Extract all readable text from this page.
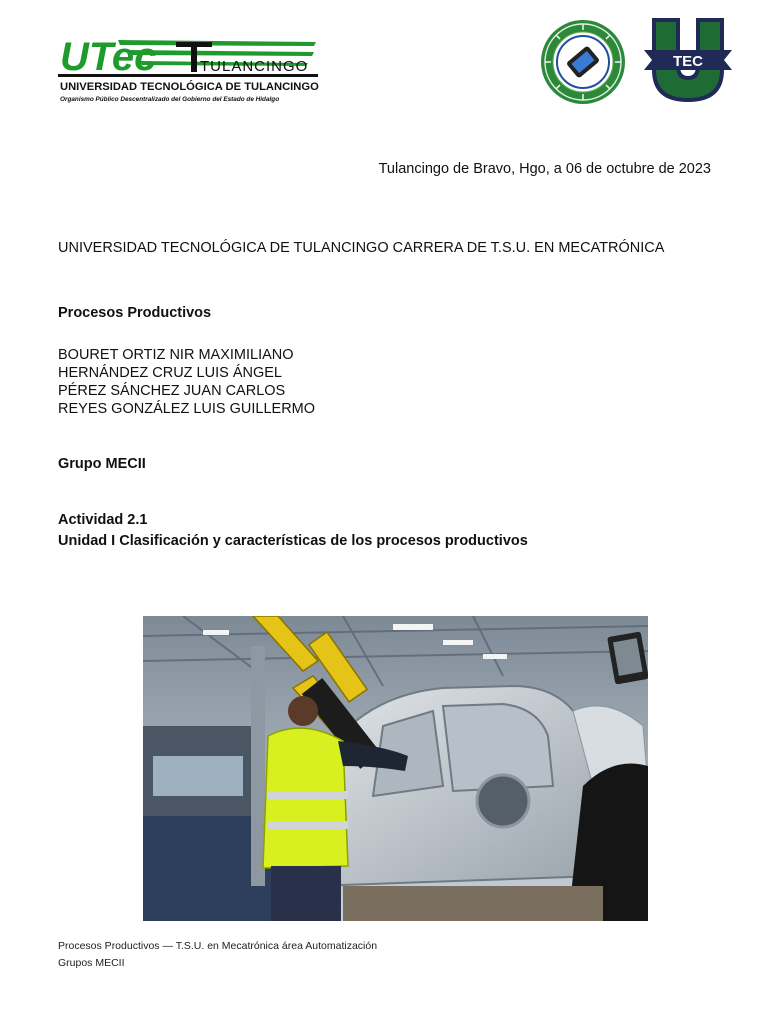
UTec	TULANCINGO
UNIVERSIDAD TECNOLÓGICA DE TULANCINGO
Organismo Público Descentralizado del Gobierno del Estado de Hidalgo
TEC
Tulancingo de Bravo, Hgo, a 06 de octubre de 2023
UNIVERSIDAD TECNOLÓGICA DE TULANCINGO CARRERA DE T.S.U. EN MECATRÓNICA
Procesos Productivos
BOURET ORTIZ NIR MAXIMILIANO
HERNÁNDEZ CRUZ LUIS ÁNGEL
PÉREZ SÁNCHEZ JUAN CARLOS
REYES GONZÁLEZ LUIS GUILLERMO
Grupo MECII
Actividad 2.1
Unidad I Clasificación y características de los procesos productivos
Procesos Productivos — T.S.U. en Mecatrónica área Automatización
Grupos MECII
